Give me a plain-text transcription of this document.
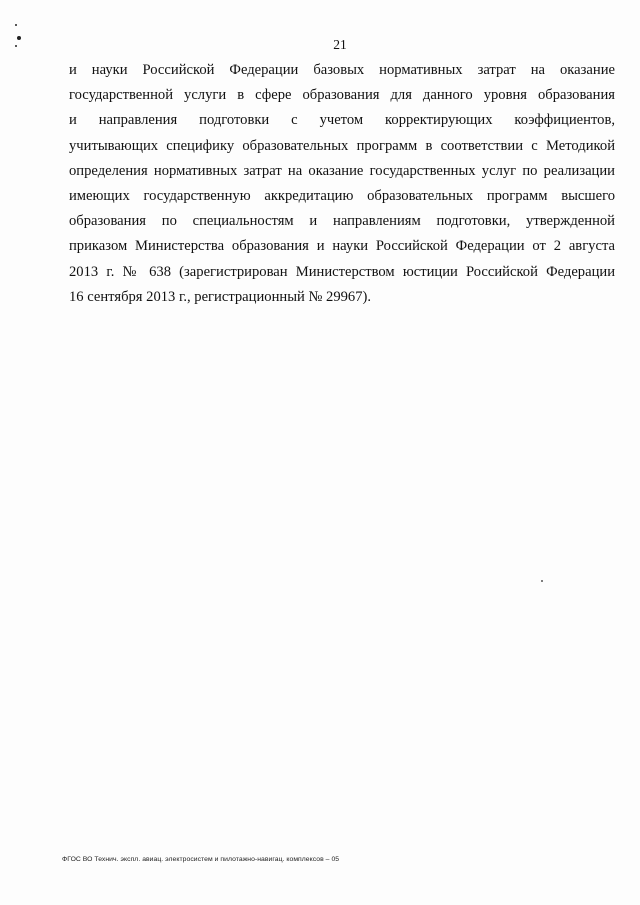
21

и науки Российской Федерации базовых нормативных затрат на оказание
государственной услуги в сфере образования для данного уровня образования
и направления подготовки с учетом корректирующих коэффициентов,
учитывающих специфику образовательных программ в соответствии с Методикой
определения нормативных затрат на оказание государственных услуг по реализации
имеющих государственную аккредитацию образовательных программ высшего
образования по специальностям и направлениям подготовки, утвержденной
приказом Министерства образования и науки Российской Федерации от 2 августа
2013 г. № 638 (зарегистрирован Министерством юстиции Российской Федерации
16 сентября 2013 г., регистрационный № 29967).

ФГОС ВО Технич. экспл. авиац. электросистем и пилотажно-навигац. комплексов – 05
